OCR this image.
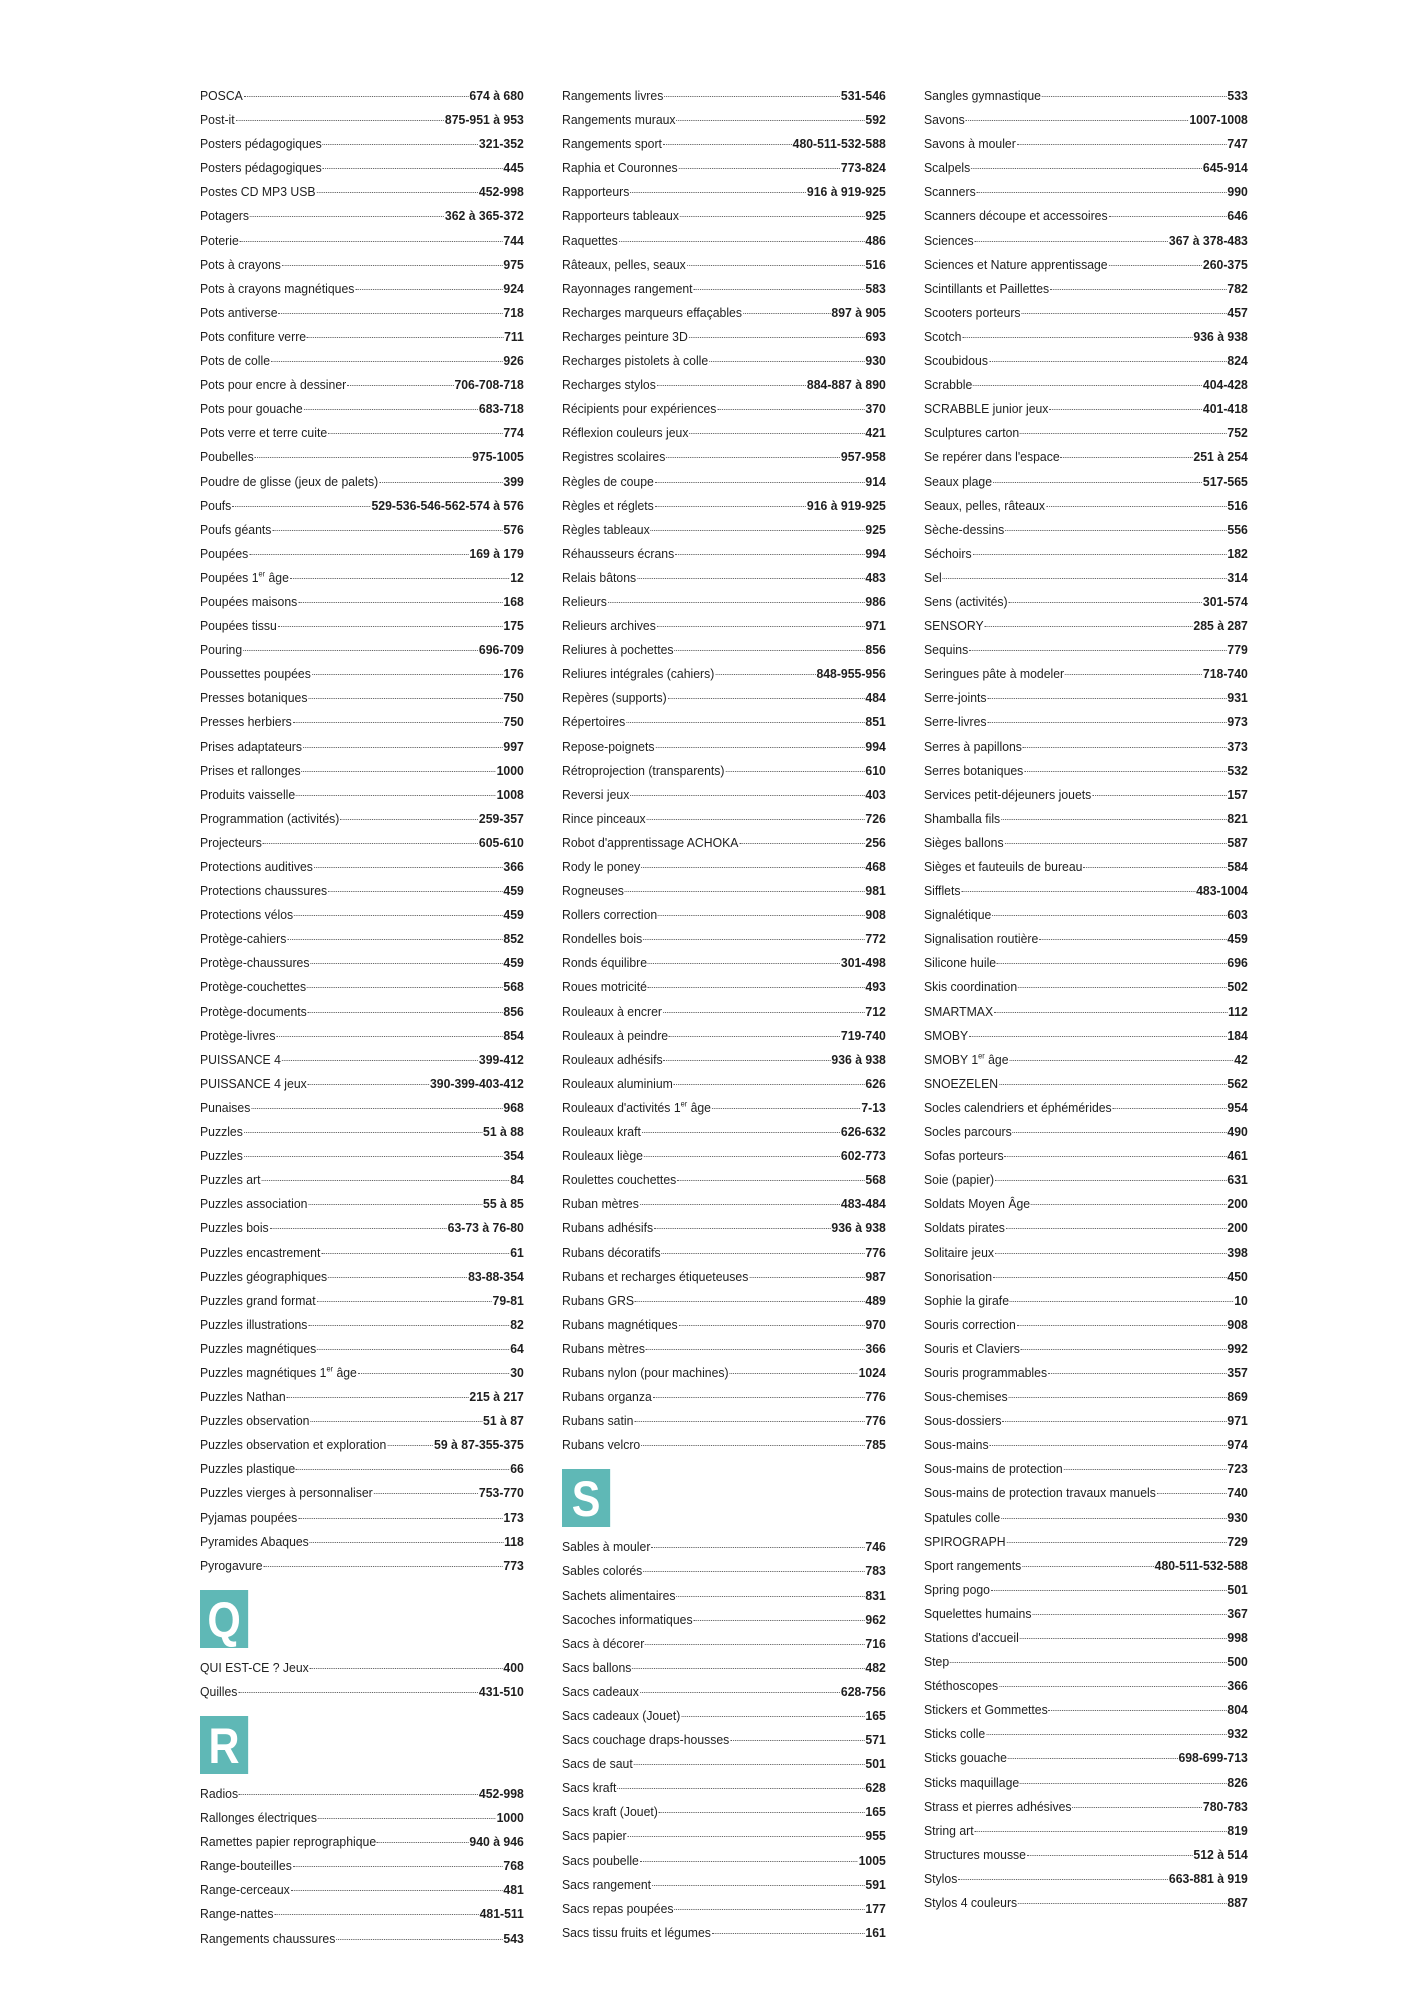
POSCA	674 à 680
Post-it	875-951 à 953
Posters pédagogiques	321-352
Posters pédagogiques	445
Postes CD MP3 USB	452-998
Potagers	362 à 365-372
Poterie	744
Pots à crayons	975
Pots à crayons magnétiques	924
Pots antiverse	718
Pots confiture verre	711
Pots de colle	926
Pots pour encre à dessiner	706-708-718
Pots pour gouache	683-718
Pots verre et terre cuite	774
Poubelles	975-1005
Poudre de glisse (jeux de palets)	399
Poufs	529-536-546-562-574 à 576
Poufs géants	576
Poupées	169 à 179
Poupées 1er âge	12
Poupées maisons	168
Poupées tissu	175
Pouring	696-709
Poussettes poupées	176
Presses botaniques	750
Presses herbiers	750
Prises adaptateurs	997
Prises et rallonges	1000
Produits vaisselle	1008
Programmation (activités)	259-357
Projecteurs	605-610
Protections auditives	366
Protections chaussures	459
Protections vélos	459
Protège-cahiers	852
Protège-chaussures	459
Protège-couchettes	568
Protège-documents	856
Protège-livres	854
PUISSANCE 4	399-412
PUISSANCE 4 jeux	390-399-403-412
Punaises	968
Puzzles	51 à 88
Puzzles	354
Puzzles art	84
Puzzles association	55 à 85
Puzzles bois	63-73 à 76-80
Puzzles encastrement	61
Puzzles géographiques	83-88-354
Puzzles grand format	79-81
Puzzles illustrations	82
Puzzles magnétiques	64
Puzzles magnétiques 1er âge	30
Puzzles Nathan	215 à 217
Puzzles observation	51 à 87
Puzzles observation et exploration	59 à 87-355-375
Puzzles plastique	66
Puzzles vierges à personnaliser	753-770
Pyjamas poupées	173
Pyramides Abaques	118
Pyrogavure	773
Q
QUI EST-CE ? Jeux	400
Quilles	431-510
R
Radios	452-998
Rallonges électriques	1000
Ramettes papier reprographique	940 à 946
Range-bouteilles	768
Range-cerceaux	481
Range-nattes	481-511
Rangements chaussures	543
Rangements livres	531-546
Rangements muraux	592
Rangements sport	480-511-532-588
Raphia et Couronnes	773-824
Rapporteurs	916 à 919-925
Rapporteurs tableaux	925
Raquettes	486
Râteaux, pelles, seaux	516
Rayonnages rangement	583
Recharges marqueurs effaçables	897 à 905
Recharges peinture 3D	693
Recharges pistolets à colle	930
Recharges stylos	884-887 à 890
Récipients pour expériences	370
Réflexion couleurs jeux	421
Registres scolaires	957-958
Règles de coupe	914
Règles et réglets	916 à 919-925
Règles tableaux	925
Réhausseurs écrans	994
Relais bâtons	483
Relieurs	986
Relieurs archives	971
Reliures à pochettes	856
Reliures intégrales (cahiers)	848-955-956
Repères (supports)	484
Répertoires	851
Repose-poignets	994
Rétroprojection (transparents)	610
Reversi jeux	403
Rince pinceaux	726
Robot d'apprentissage ACHOKA	256
Rody le poney	468
Rogneuses	981
Rollers correction	908
Rondelles bois	772
Ronds équilibre	301-498
Roues motricité	493
Rouleaux à encrer	712
Rouleaux à peindre	719-740
Rouleaux adhésifs	936 à 938
Rouleaux aluminium	626
Rouleaux d'activités 1er âge	7-13
Rouleaux kraft	626-632
Rouleaux liège	602-773
Roulettes couchettes	568
Ruban mètres	483-484
Rubans adhésifs	936 à 938
Rubans décoratifs	776
Rubans et recharges étiqueteuses	987
Rubans GRS	489
Rubans magnétiques	970
Rubans mètres	366
Rubans nylon (pour machines)	1024
Rubans organza	776
Rubans satin	776
Rubans velcro	785
S
Sables à mouler	746
Sables colorés	783
Sachets alimentaires	831
Sacoches informatiques	962
Sacs à décorer	716
Sacs ballons	482
Sacs cadeaux	628-756
Sacs cadeaux (Jouet)	165
Sacs couchage draps-housses	571
Sacs de saut	501
Sacs kraft	628
Sacs kraft (Jouet)	165
Sacs papier	955
Sacs poubelle	1005
Sacs rangement	591
Sacs repas poupées	177
Sacs tissu fruits et légumes	161
Sangles gymnastique	533
Savons	1007-1008
Savons à mouler	747
Scalpels	645-914
Scanners	990
Scanners découpe et accessoires	646
Sciences	367 à 378-483
Sciences et Nature apprentissage	260-375
Scintillants et Paillettes	782
Scooters porteurs	457
Scotch	936 à 938
Scoubidous	824
Scrabble	404-428
SCRABBLE junior jeux	401-418
Sculptures carton	752
Se repérer dans l'espace	251 à 254
Seaux plage	517-565
Seaux, pelles, râteaux	516
Sèche-dessins	556
Séchoirs	182
Sel	314
Sens (activités)	301-574
SENSORY	285 à 287
Sequins	779
Seringues pâte à modeler	718-740
Serre-joints	931
Serre-livres	973
Serres à papillons	373
Serres botaniques	532
Services petit-déjeuners jouets	157
Shamballa fils	821
Sièges ballons	587
Sièges et fauteuils de bureau	584
Sifflets	483-1004
Signalétique	603
Signalisation routière	459
Silicone huile	696
Skis coordination	502
SMARTMAX	112
SMOBY	184
SMOBY 1er âge	42
SNOEZELEN	562
Socles calendriers et éphémérides	954
Socles parcours	490
Sofas porteurs	461
Soie (papier)	631
Soldats Moyen Âge	200
Soldats pirates	200
Solitaire jeux	398
Sonorisation	450
Sophie la girafe	10
Souris correction	908
Souris et Claviers	992
Souris programmables	357
Sous-chemises	869
Sous-dossiers	971
Sous-mains	974
Sous-mains de protection	723
Sous-mains de protection travaux manuels	740
Spatules colle	930
SPIROGRAPH	729
Sport rangements	480-511-532-588
Spring pogo	501
Squelettes humains	367
Stations d'accueil	998
Step	500
Stéthoscopes	366
Stickers et Gommettes	804
Sticks colle	932
Sticks gouache	698-699-713
Sticks maquillage	826
Strass et pierres adhésives	780-783
String art	819
Structures mousse	512 à 514
Stylos	663-881 à 919
Stylos 4 couleurs	887
